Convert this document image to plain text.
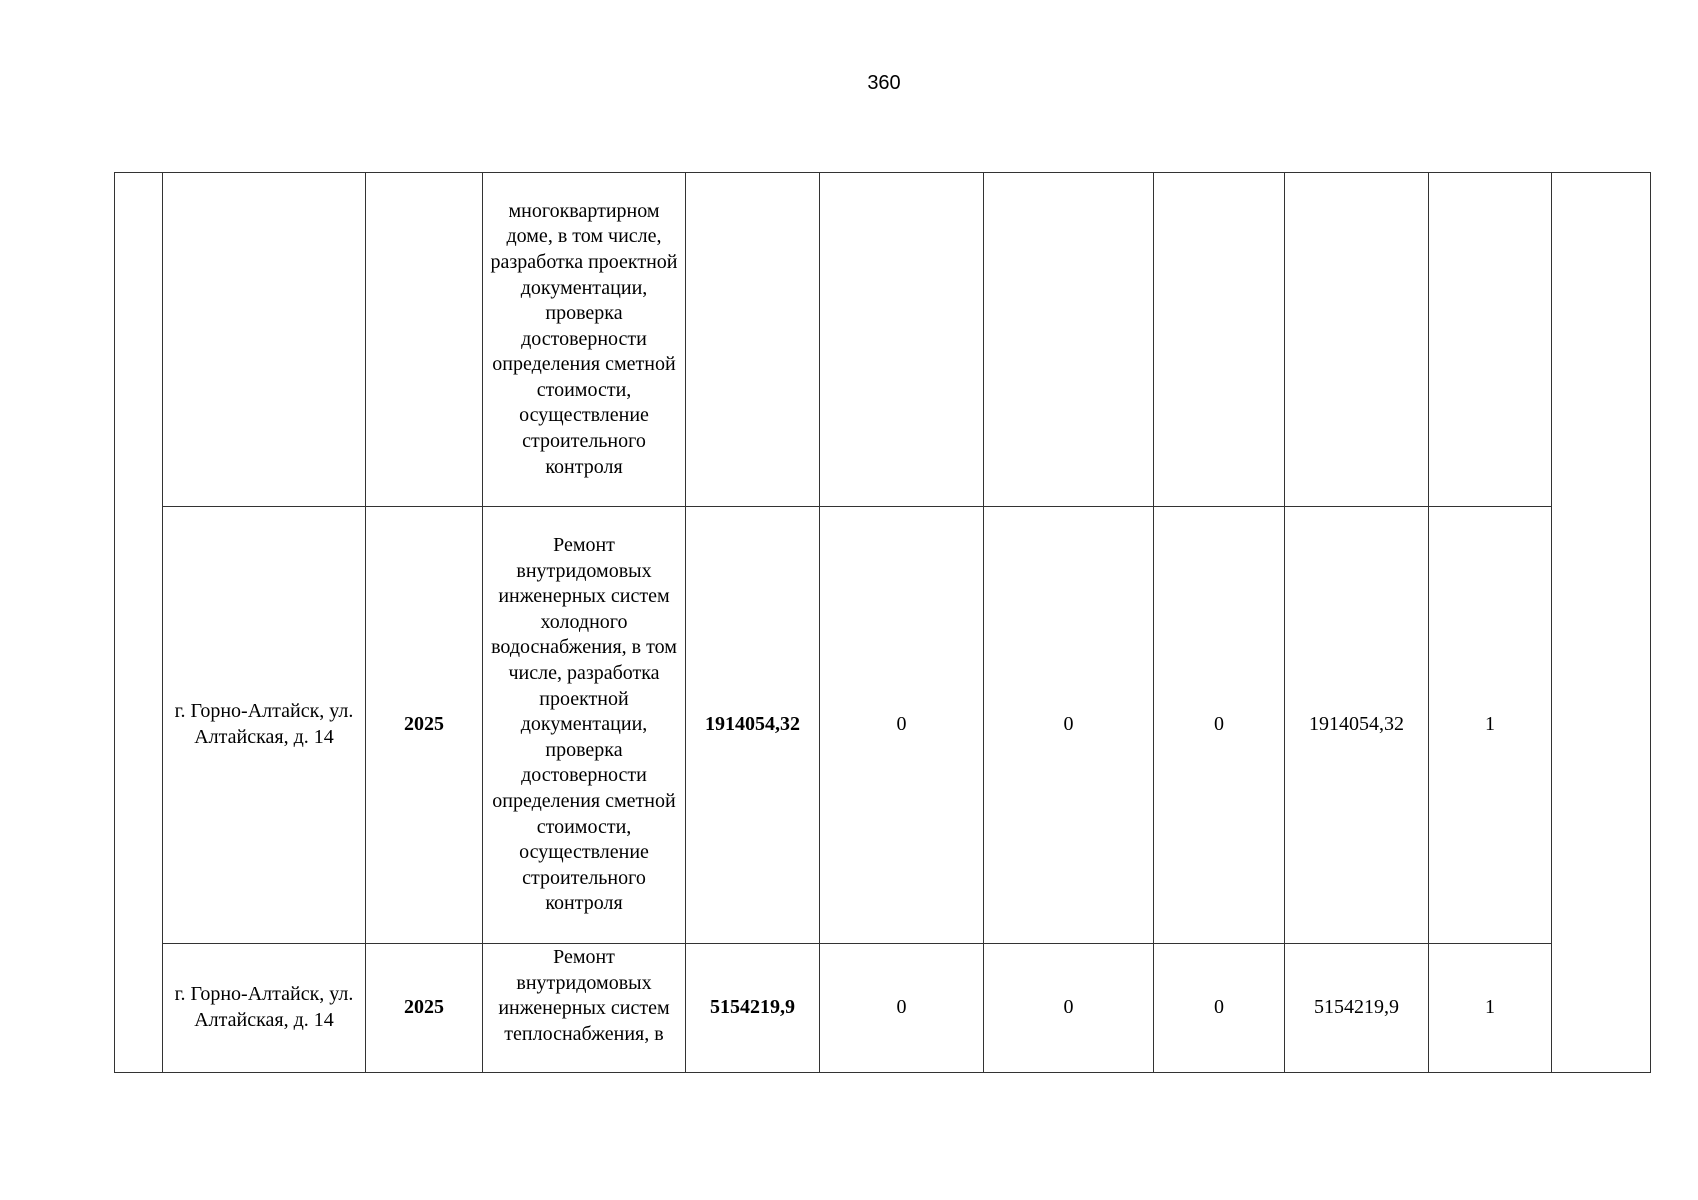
360
			многоквартирном доме, в том числе, разработка проектной документации, проверка достоверности определения сметной стоимости, осуществление строительного контроля							
	г. Горно-Алтайск, ул. Алтайская, д. 14	2025	Ремонт внутридомовых инженерных систем холодного водоснабжения, в том числе, разработка проектной документации, проверка достоверности определения сметной стоимости, осуществление строительного контроля	1914054,32	0	0	0	1914054,32	1	
	г. Горно-Алтайск, ул. Алтайская, д. 14	2025	Ремонт внутридомовых инженерных систем теплоснабжения, в	5154219,9	0	0	0	5154219,9	1	
